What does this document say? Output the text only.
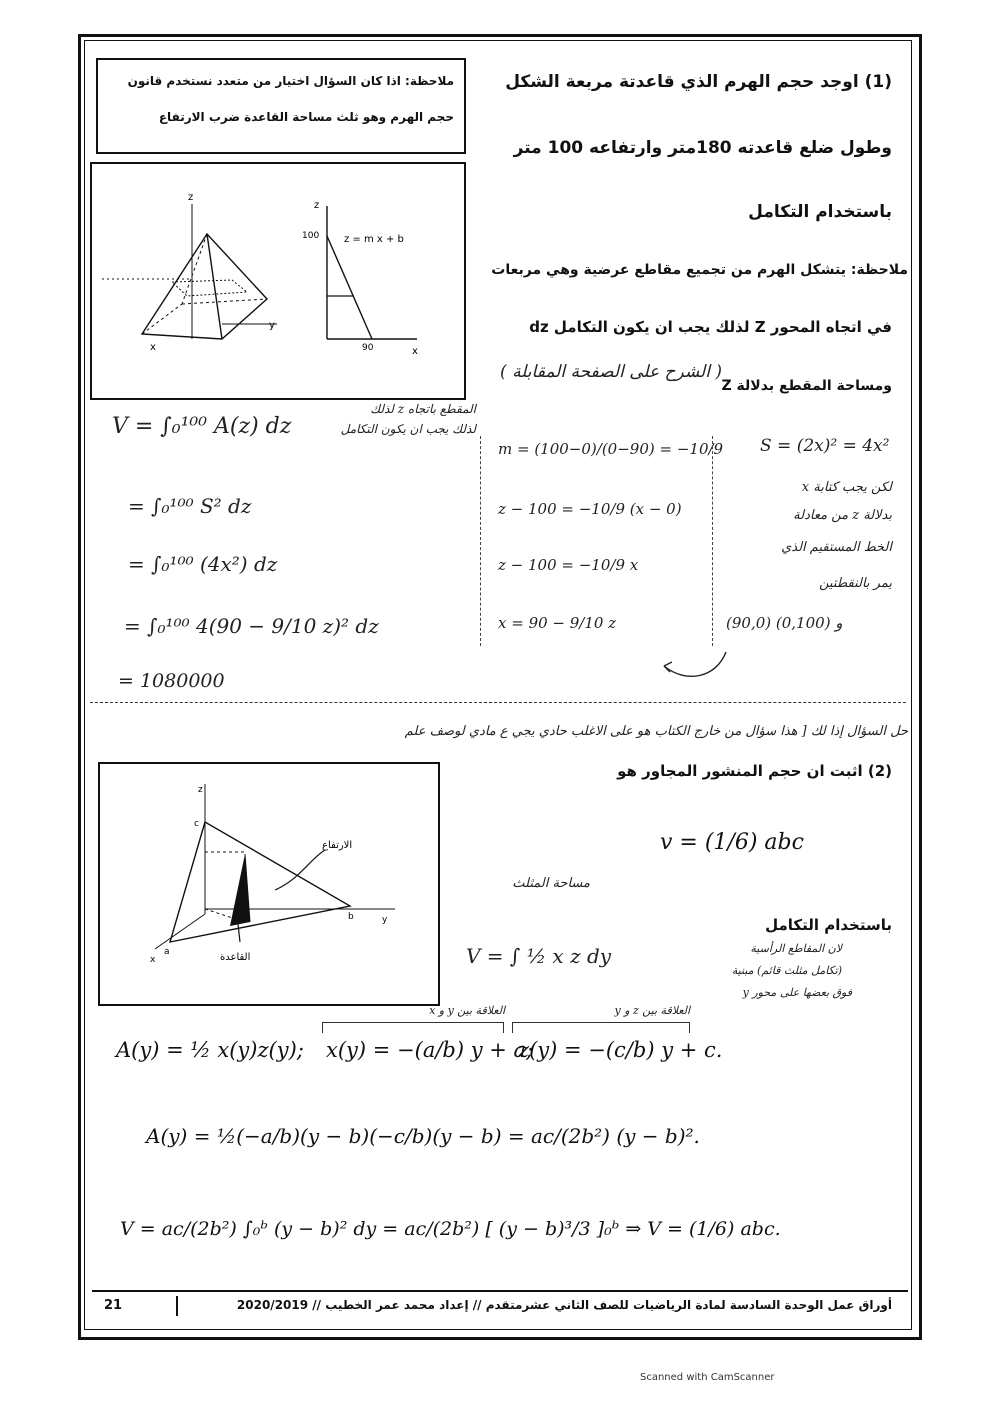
ملاحظة: اذا كان السؤال اختيار من متعدد نستخدم قانون
حجم الهرم وهو ثلث مساحة القاعدة ضرب الارتفاع
(1) اوجد حجم الهرم الذي قاعدتة مربعة الشكل
وطول ضلع قاعدته 180متر وارتفاعه 100 متر
باستخدام التكامل
ملاحظة: يتشكل الهرم من تجميع مقاطع عرضية وهي مربعات
في اتجاه المحور Z لذلك يجب ان يكون التكامل dz
ومساحة المقطع بدلالة Z
( الشرح على الصفحة المقابلة )
z
y
x
z
100 z = m x + b
x
90
المقطع باتجاه z لذلك
لذلك يجب ان يكون التكامل
V = ∫₀¹⁰⁰ A(z) dz
= ∫₀¹⁰⁰ S² dz
= ∫₀¹⁰⁰ (4x²) dz
= ∫₀¹⁰⁰ 4(90 − 9/10 z)² dz
= 1080000
m = (100−0)/(0−90) = −10/9
z − 100 = −10/9 (x − 0)
z − 100 = −10/9 x
x = 90 − 9/10 z
S = (2x)² = 4x²
لكن يجب كتابة x
بدلالة z من معادلة
الخط المستقيم الذي
يمر بالنقطتين
(90,0) و (0,100)
حل السؤال إذا لك [ هذا سؤال من خارج الكتاب هو على الاغلب حادي يجي ع مادي لوصف علم
(2) اثبت ان حجم المنشور المجاور هو
v = (1/6) abc
مساحة المثلث
V = ∫ ½ x z dy
باستخدام التكامل
لان المقاطع الرأسية
(تكامل مثلث قائم) مبنية
فوق بعضها على محور y
z
c
y
b
x
a
الارتفاع
القاعدة
العلاقة بين y و x	العلاقة بين z و y
A(y) = ½ x(y)z(y); x(y) = −(a/b) y + a;
z(y) = −(c/b) y + c.
A(y) = ½(−a/b)(y − b)(−c/b)(y − b) = ac/(2b²) (y − b)².
V = ac/(2b²) ∫₀ᵇ (y − b)² dy = ac/(2b²) [ (y − b)³/3 ]₀ᵇ ⇒ V = (1/6) abc.
21	أوراق عمل الوحدة السادسة لمادة الرياضيات للصف الثاني عشرمتقدم // إعداد محمد عمر الخطيب // 2020/2019
Scanned with CamScanner
